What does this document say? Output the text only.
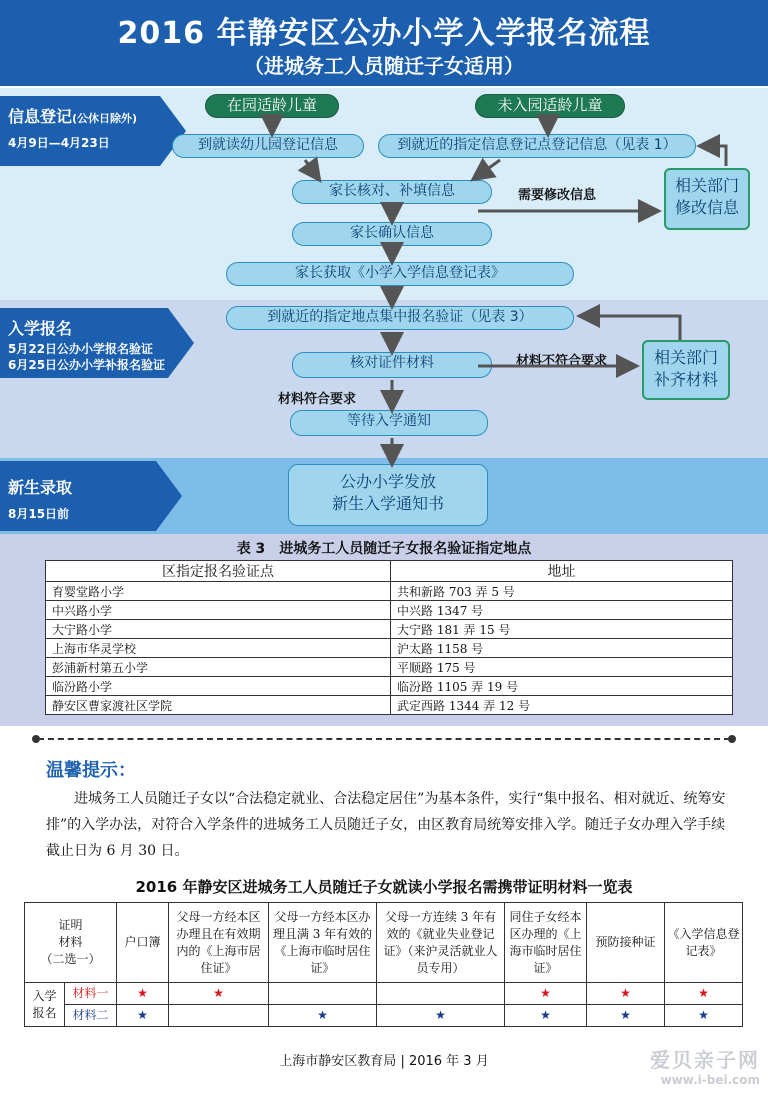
2016 年静安区公办小学入学报名流程
（进城务工人员随迁子女适用）
信息登记(公休日除外)
4月9日—4月23日
在园适龄儿童	未入园适龄儿童
到就读幼儿园登记信息	到就近的指定信息登记点登记信息（见表 1）
家长核对、补填信息	需要修改信息
相关部门
修改信息
家长确认信息
家长获取《小学入学信息登记表》
入学报名
5月22日公办小学报名验证
6月25日公办小学补报名验证
到就近的指定地点集中报名验证（见表 3）
核对证件材料	材料不符合要求	相关部门
补齐材料
材料符合要求
等待入学通知
新生录取
8月15日前
公办小学发放
新生入学通知书
表 3　进城务工人员随迁子女报名验证指定地点
区指定报名验证点	地址
育婴堂路小学	共和新路 703 弄 5 号
中兴路小学	中兴路 1347 号
大宁路小学	大宁路 181 弄 15 号
上海市华灵学校	沪太路 1158 号
彭浦新村第五小学	平顺路 175 号
临汾路小学	临汾路 1105 弄 19 号
静安区曹家渡社区学院	武定西路 1344 弄 12 号
温馨提示：
进城务工人员随迁子女以“合法稳定就业、合法稳定居住”为基本条件，实行“集中报名、相对就近、统筹安排”的入学办法，对符合入学条件的进城务工人员随迁子女，由区教育局统筹安排入学。随迁子女办理入学手续截止日为 6 月 30 日。
2016 年静安区进城务工人员随迁子女就读小学报名需携带证明材料一览表
证明
材料
（二选一）		户口簿	父母一方经本区办理且在有效期内的《上海市居住证》	父母一方经本区办理且满 3 年有效的《上海市临时居住证》	父母一方连续 3 年有效的《就业失业登记证》（来沪灵活就业人员专用）	同住子女经本区办理的《上海市临时居住证》	预防接种证	《入学信息登记表》
入学
报名	材料一	★	★			★	★	★
	材料二	★		★	★	★	★	★
上海市静安区教育局 | 2016 年 3 月	爱贝亲子网
www.i-bei.com
